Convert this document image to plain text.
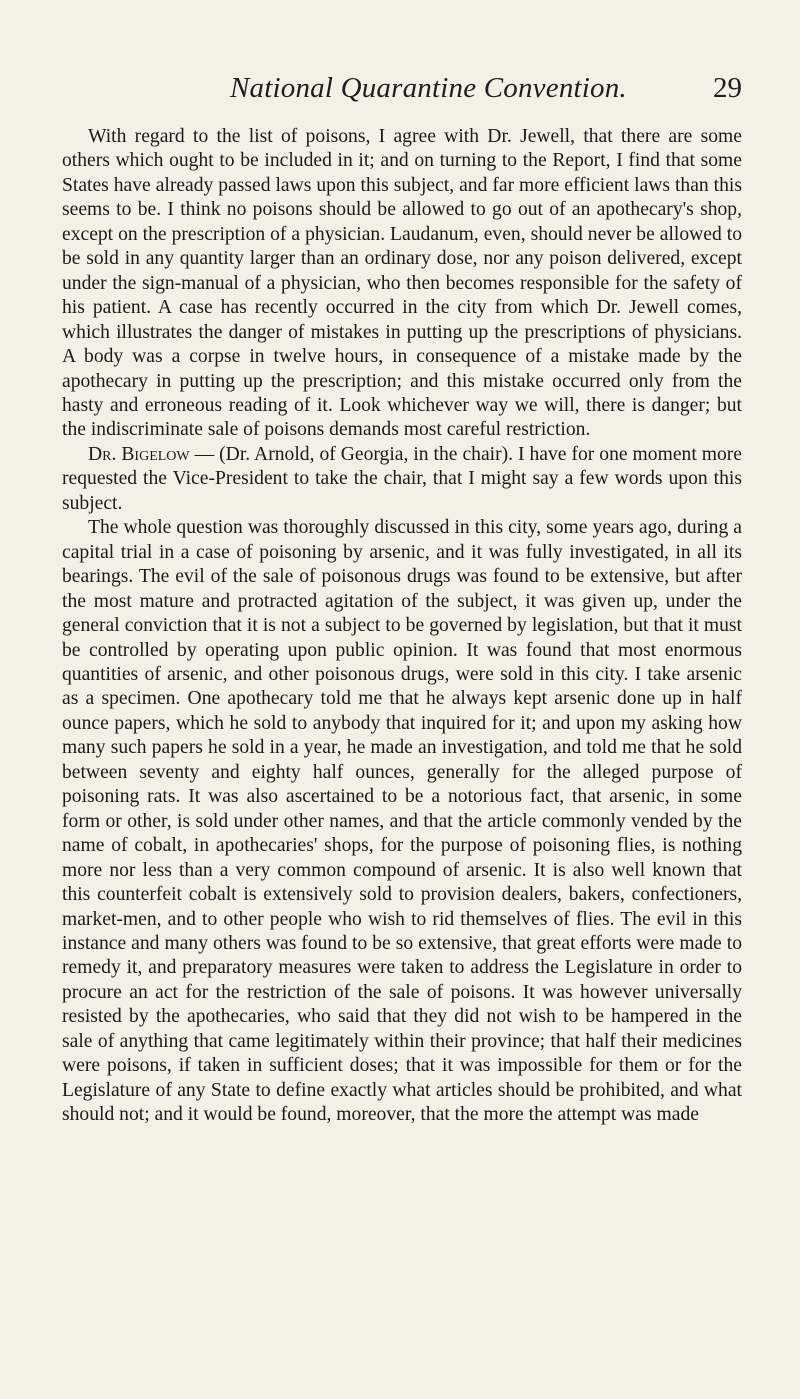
National Quarantine Convention.	29

With regard to the list of poisons, I agree with Dr. Jewell, that there are some others which ought to be included in it; and on turning to the Report, I find that some States have already passed laws upon this subject, and far more efficient laws than this seems to be. I think no poisons should be allowed to go out of an apothecary's shop, except on the prescription of a physician. Laudanum, even, should never be allowed to be sold in any quantity larger than an ordinary dose, nor any poison delivered, except under the sign-manual of a physician, who then becomes responsible for the safety of his patient. A case has recently occurred in the city from which Dr. Jewell comes, which illustrates the danger of mistakes in putting up the prescriptions of physicians. A body was a corpse in twelve hours, in consequence of a mistake made by the apothecary in putting up the prescription; and this mistake occurred only from the hasty and erroneous reading of it. Look whichever way we will, there is danger; but the indiscriminate sale of poisons demands most careful restriction.

Dr. Bigelow — (Dr. Arnold, of Georgia, in the chair). I have for one moment more requested the Vice-President to take the chair, that I might say a few words upon this subject.

The whole question was thoroughly discussed in this city, some years ago, during a capital trial in a case of poisoning by arsenic, and it was fully investigated, in all its bearings. The evil of the sale of poisonous drugs was found to be extensive, but after the most mature and protracted agitation of the subject, it was given up, under the general conviction that it is not a subject to be governed by legislation, but that it must be controlled by operating upon public opinion. It was found that most enormous quantities of arsenic, and other poisonous drugs, were sold in this city. I take arsenic as a specimen. One apothecary told me that he always kept arsenic done up in half ounce papers, which he sold to anybody that inquired for it; and upon my asking how many such papers he sold in a year, he made an investigation, and told me that he sold between seventy and eighty half ounces, generally for the alleged purpose of poisoning rats. It was also ascertained to be a notorious fact, that arsenic, in some form or other, is sold under other names, and that the article commonly vended by the name of cobalt, in apothecaries' shops, for the purpose of poisoning flies, is nothing more nor less than a very common compound of arsenic. It is also well known that this counterfeit cobalt is extensively sold to provision dealers, bakers, confectioners, market-men, and to other people who wish to rid themselves of flies. The evil in this instance and many others was found to be so extensive, that great efforts were made to remedy it, and preparatory measures were taken to address the Legislature in order to procure an act for the restriction of the sale of poisons. It was however universally resisted by the apothecaries, who said that they did not wish to be hampered in the sale of anything that came legitimately within their province; that half their medicines were poisons, if taken in sufficient doses; that it was impossible for them or for the Legislature of any State to define exactly what articles should be prohibited, and what should not; and it would be found, moreover, that the more the attempt was made
